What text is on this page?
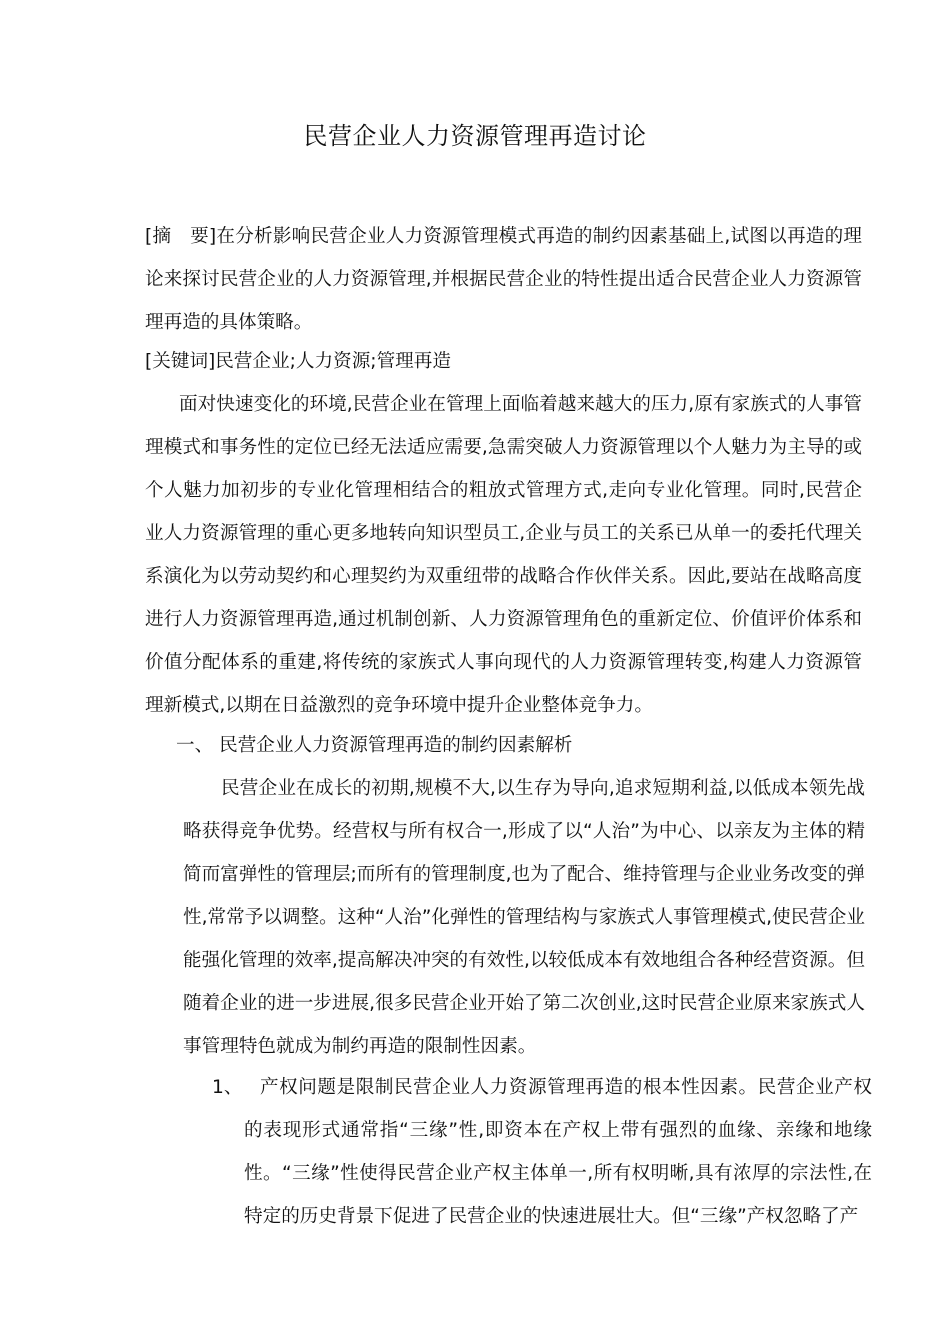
民营企业人力资源管理再造讨论

[摘　要]在分析影响民营企业人力资源管理模式再造的制约因素基础上,试图以再造的理论来探讨民营企业的人力资源管理,并根据民营企业的特性提出适合民营企业人力资源管理再造的具体策略。

[关键词]民营企业;人力资源;管理再造

面对快速变化的环境,民营企业在管理上面临着越来越大的压力,原有家族式的人事管理模式和事务性的定位已经无法适应需要,急需突破人力资源管理以个人魅力为主导的或个人魅力加初步的专业化管理相结合的粗放式管理方式,走向专业化管理。同时,民营企业人力资源管理的重心更多地转向知识型员工,企业与员工的关系已从单一的委托代理关系演化为以劳动契约和心理契约为双重纽带的战略合作伙伴关系。因此,要站在战略高度进行人力资源管理再造,通过机制创新、人力资源管理角色的重新定位、价值评价体系和价值分配体系的重建,将传统的家族式人事向现代的人力资源管理转变,构建人力资源管理新模式,以期在日益激烈的竞争环境中提升企业整体竞争力。

一、 民营企业人力资源管理再造的制约因素解析

民营企业在成长的初期,规模不大,以生存为导向,追求短期利益,以低成本领先战略获得竞争优势。经营权与所有权合一,形成了以“人治”为中心、以亲友为主体的精简而富弹性的管理层;而所有的管理制度,也为了配合、维持管理与企业业务改变的弹性,常常予以调整。这种“人治”化弹性的管理结构与家族式人事管理模式,使民营企业能强化管理的效率,提高解决冲突的有效性,以较低成本有效地组合各种经营资源。但随着企业的进一步进展,很多民营企业开始了第二次创业,这时民营企业原来家族式人事管理特色就成为制约再造的限制性因素。

1、 产权问题是限制民营企业人力资源管理再造的根本性因素。民营企业产权的表现形式通常指“三缘”性,即资本在产权上带有强烈的血缘、亲缘和地缘性。“三缘”性使得民营企业产权主体单一,所有权明晰,具有浓厚的宗法性,在特定的历史背景下促进了民营企业的快速进展壮大。但“三缘”产权忽略了产
